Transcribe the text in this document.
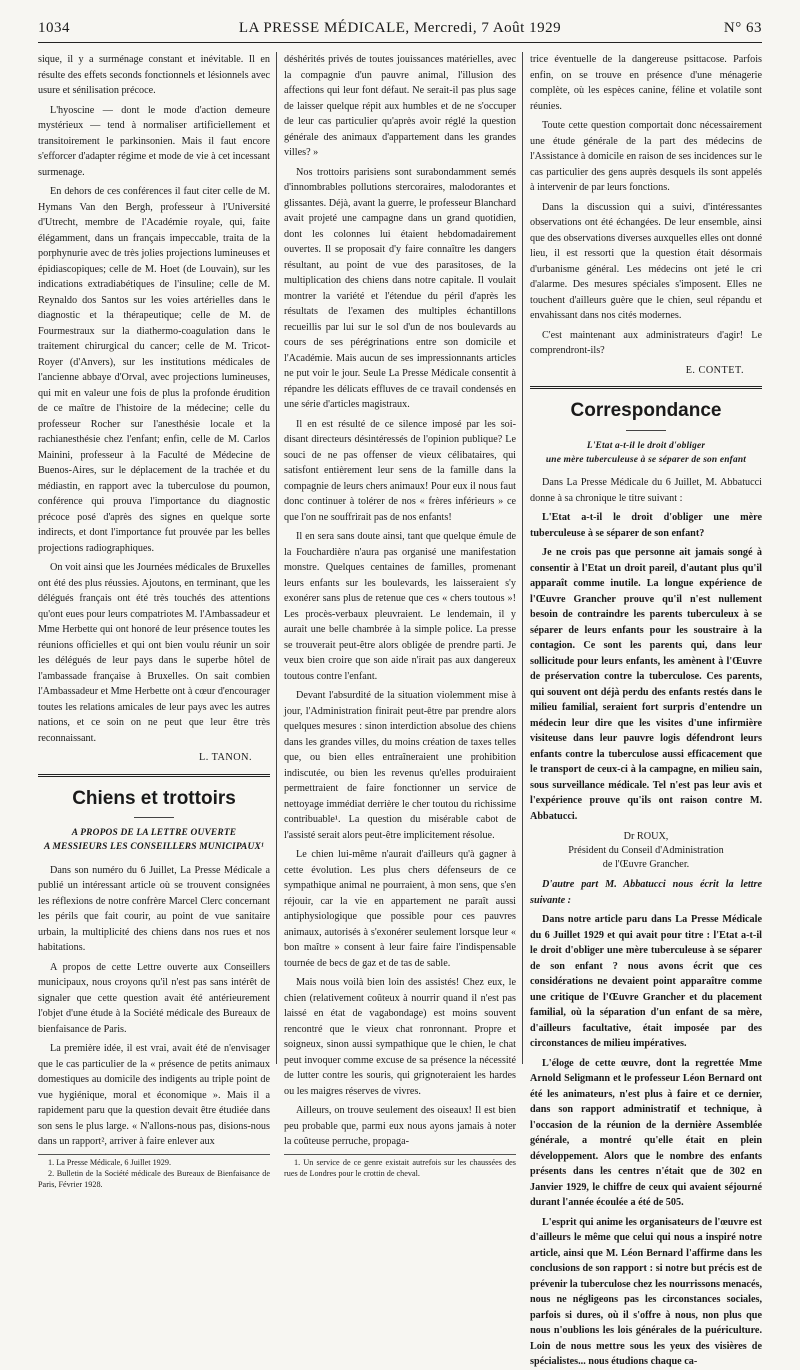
1034	LA PRESSE MÉDICALE, Mercredi, 7 Août 1929	N° 63

sique, il y a surménage constant et inévitable. Il en résulte des effets seconds fonctionnels et lésionnels avec usure et sénilisation précoce.

L'hyoscine — dont le mode d'action demeure mystérieux — tend à normaliser artificiellement et transitoirement le parkinsonien. Mais il faut encore s'efforcer d'adapter régime et mode de vie à cet incessant surmenage.

En dehors de ces conférences il faut citer celle de M. Hymans Van den Bergh, professeur à l'Université d'Utrecht, membre de l'Académie royale, qui, faite élégamment, dans un français impeccable, traita de la porphynurie avec de très jolies projections lumineuses et épidiascopiques; celle de M. Hoet (de Louvain), sur les indications extradiabétiques de l'insuline; celle de M. Reynaldo dos Santos sur les voies artérielles dans le diagnostic et la thérapeutique; celle de M. de Fourmestraux sur la diathermo-coagulation dans le traitement chirurgical du cancer; celle de M. Tricot-Royer (d'Anvers), sur les institutions médicales de l'ancienne abbaye d'Orval, avec projections lumineuses, qui mit en valeur une fois de plus la profonde érudition de ce maître de l'histoire de la médecine; celle du professeur Rocher sur l'anesthésie locale et la rachianesthésie chez l'enfant; enfin, celle de M. Carlos Mainini, professeur à la Faculté de Médecine de Buenos-Aires, sur le déplacement de la trachée et du médiastin, en rapport avec la tuberculose du poumon, conférence qui prouva l'importance du diagnostic précoce posé d'après des signes en quelque sorte indirects, et dont l'importance fut prouvée par les belles projections radiographiques.

On voit ainsi que les Journées médicales de Bruxelles ont été des plus réussies. Ajoutons, en terminant, que les délégués français ont été très touchés des attentions qu'ont eues pour leurs compatriotes M. l'Ambassadeur et Mme Herbette qui ont honoré de leur présence toutes les réunions officielles et qui ont bien voulu réunir un soir les délégués de leur pays dans le superbe hôtel de l'ambassade française à Bruxelles. On sait combien l'Ambassadeur et Mme Herbette ont à cœur d'encourager toutes les relations amicales de leur pays avec les autres nations, et ce soin on ne peut que leur être très reconnaissant.

L. TANON.

Chiens et trottoirs
A PROPOS DE LA LETTRE OUVERTE
A MESSIEURS LES CONSEILLERS MUNICIPAUX¹

Dans son numéro du 6 Juillet, La Presse Médicale a publié un intéressant article où se trouvent consignées les réflexions de notre confrère Marcel Clerc concernant les périls que fait courir, au point de vue sanitaire urbain, la multiplicité des chiens dans nos rues et nos habitations.

A propos de cette Lettre ouverte aux Conseillers municipaux, nous croyons qu'il n'est pas sans intérêt de signaler que cette question avait été antérieurement l'objet d'une étude à la Société médicale des Bureaux de bienfaisance de Paris.

La première idée, il est vrai, avait été de n'envisager que le cas particulier de la « présence de petits animaux domestiques au domicile des indigents au triple point de vue hygiénique, moral et économique ». Mais il a rapidement paru que la question devait être étudiée dans son sens le plus large. « N'allons-nous pas, disions-nous dans un rapport², arriver à faire enlever aux

1. La Presse Médicale, 6 Juillet 1929.

2. Bulletin de la Société médicale des Bureaux de Bienfaisance de Paris, Février 1928.

déshérités privés de toutes jouissances matérielles, avec la compagnie d'un pauvre animal, l'illusion des affections qui leur font défaut. Ne serait-il pas plus sage de laisser quelque répit aux humbles et de ne s'occuper de leur cas particulier qu'après avoir réglé la question générale des animaux d'appartement dans les grandes villes? »

Nos trottoirs parisiens sont surabondamment semés d'innombrables pollutions stercoraires, malodorantes et glissantes. Déjà, avant la guerre, le professeur Blanchard avait projeté une campagne dans un grand quotidien, dont les colonnes lui étaient hebdomadairement ouvertes. Il se proposait d'y faire connaître les dangers résultant, au point de vue des parasitoses, de la multiplication des chiens dans notre capitale. Il voulait montrer la variété et l'étendue du péril d'après les résultats de l'examen des multiples échantillons recueillis par lui sur le sol d'un de nos boulevards au cours de ses pérégrinations entre son domicile et l'Académie. Mais aucun de ses impressionnants articles ne put voir le jour. Seule La Presse Médicale consentit à répandre les délicats effluves de ce travail condensés en une série d'articles magistraux.

Il en est résulté de ce silence imposé par les soi-disant directeurs désintéressés de l'opinion publique? Le souci de ne pas offenser de vieux célibataires, qui satisfont entièrement leur sens de la famille dans la compagnie de leurs chers animaux! Pour eux il nous faut donc continuer à tolérer de nos « frères inférieurs » ce que l'on ne souffrirait pas de nos enfants!

Il en sera sans doute ainsi, tant que quelque émule de la Fouchardière n'aura pas organisé une manifestation monstre. Quelques centaines de familles, promenant leurs enfants sur les boulevards, les laisseraient s'y exonérer sans plus de retenue que ces « chers toutous »! Les procès-verbaux pleuvraient. Le lendemain, il y aurait une belle chambrée à la simple police. La presse se trouverait peut-être alors obligée de prendre parti. Je veux bien croire que son aide n'irait pas aux dangereux toutous contre l'enfant.

Devant l'absurdité de la situation violemment mise à jour, l'Administration finirait peut-être par prendre alors quelques mesures : sinon interdiction absolue des chiens dans les grandes villes, du moins création de taxes telles que, ou bien elles entraîneraient une prohibition indiscutée, ou bien les revenus qu'elles produiraient permettraient de faire fonctionner un service de nettoyage immédiat derrière le cher toutou du richissime contribuable¹. La question du misérable cabot de l'assisté serait alors peut-être implicitement résolue.

Le chien lui-même n'aurait d'ailleurs qu'à gagner à cette évolution. Les plus chers défenseurs de ce sympathique animal ne pourraient, à mon sens, que s'en réjouir, car la vie en appartement ne paraît aussi antiphysiologique que possible pour ces pauvres animaux, autorisés à s'exonérer seulement lorsque leur « bon maître » consent à leur faire faire l'indispensable tournée de becs de gaz et de tas de sable.

Mais nous voilà bien loin des assistés! Chez eux, le chien (relativement coûteux à nourrir quand il n'est pas laissé en état de vagabondage) est moins souvent rencontré que le vieux chat ronronnant. Propre et soigneux, sinon aussi sympathique que le chien, le chat peut invoquer comme excuse de sa présence la nécessité de lutter contre les souris, qui grignoteraient les hardes ou les maigres réserves de vivres.

Ailleurs, on trouve seulement des oiseaux! Il est bien peu probable que, parmi eux nous ayons jamais à noter la coûteuse perruche, propaga-

1. Un service de ce genre existait autrefois sur les chaussées des rues de Londres pour le crottin de cheval.

trice éventuelle de la dangereuse psittacose. Parfois enfin, on se trouve en présence d'une ménagerie complète, où les espèces canine, féline et volatile sont réunies.

Toute cette question comportait donc nécessairement une étude générale de la part des médecins de l'Assistance à domicile en raison de ses incidences sur le cas particulier des gens auprès desquels ils sont appelés à intervenir de par leurs fonctions.

Dans la discussion qui a suivi, d'intéressantes observations ont été échangées. De leur ensemble, ainsi que des observations diverses auxquelles elles ont donné lieu, il est ressorti que la question était désormais d'urbanisme général. Les médecins ont jeté le cri d'alarme. Des mesures spéciales s'imposent. Elles ne touchent d'ailleurs guère que le chien, seul répandu et envahissant dans nos cités modernes.

C'est maintenant aux administrateurs d'agir! Le comprendront-ils?

E. CONTET.

Correspondance
L'Etat a-t-il le droit d'obliger
une mère tuberculeuse à se séparer de son enfant

Dans La Presse Médicale du 6 Juillet, M. Abbatucci donne à sa chronique le titre suivant :

L'Etat a-t-il le droit d'obliger une mère tuberculeuse à se séparer de son enfant?

Je ne crois pas que personne ait jamais songé à consentir à l'Etat un droit pareil, d'autant plus qu'il apparaît comme inutile. La longue expérience de l'Œuvre Grancher prouve qu'il n'est nullement besoin de contraindre les parents tuberculeux à se séparer de leurs enfants pour les soustraire à la contagion. Ce sont les parents qui, dans leur sollicitude pour leurs enfants, les amènent à l'Œuvre de préservation contre la tuberculose. Ces parents, qui souvent ont déjà perdu des enfants restés dans le milieu familial, seraient fort surpris d'entendre un médecin leur dire que les visites d'une infirmière visiteuse dans leur pauvre logis défendront leurs enfants contre la tuberculose aussi efficacement que le transport de ceux-ci à la campagne, en milieu sain, sous surveillance médicale. Tel n'est pas leur avis et l'expérience prouve qu'ils ont raison contre M. Abbatucci.

Dr ROUX,
Président du Conseil d'Administration
de l'Œuvre Grancher.

D'autre part M. Abbatucci nous écrit la lettre suivante :

Dans notre article paru dans La Presse Médicale du 6 Juillet 1929 et qui avait pour titre : l'Etat a-t-il le droit d'obliger une mère tuberculeuse à se séparer de son enfant ? nous avons écrit que ces considérations ne devaient point apparaître comme une critique de l'Œuvre Grancher et du placement familial, où la séparation d'un enfant de sa mère, d'ailleurs facultative, était imposée par des circonstances de milieu impératives.

L'éloge de cette œuvre, dont la regrettée Mme Arnold Seligmann et le professeur Léon Bernard ont été les animateurs, n'est plus à faire et ce dernier, dans son rapport administratif et technique, à l'occasion de la réunion de la dernière Assemblée générale, a montré qu'elle était en plein développement. Alors que le nombre des enfants présents dans les centres n'était que de 302 en Janvier 1929, le chiffre de ceux qui avaient séjourné durant l'année écoulée a été de 505.

L'esprit qui anime les organisateurs de l'œuvre est d'ailleurs le même que celui qui nous a inspiré notre article, ainsi que M. Léon Bernard l'affirme dans les conclusions de son rapport : si notre but précis est de prévenir la tuberculose chez les nourrissons menacés, nous ne négligeons pas les circonstances sociales, parfois si dures, où il s'offre à nous, non plus que nous n'oublions les lois générales de la puériculture. Loin de nous mettre sous les yeux des visières de spécialistes... nous étudions chaque ca-
